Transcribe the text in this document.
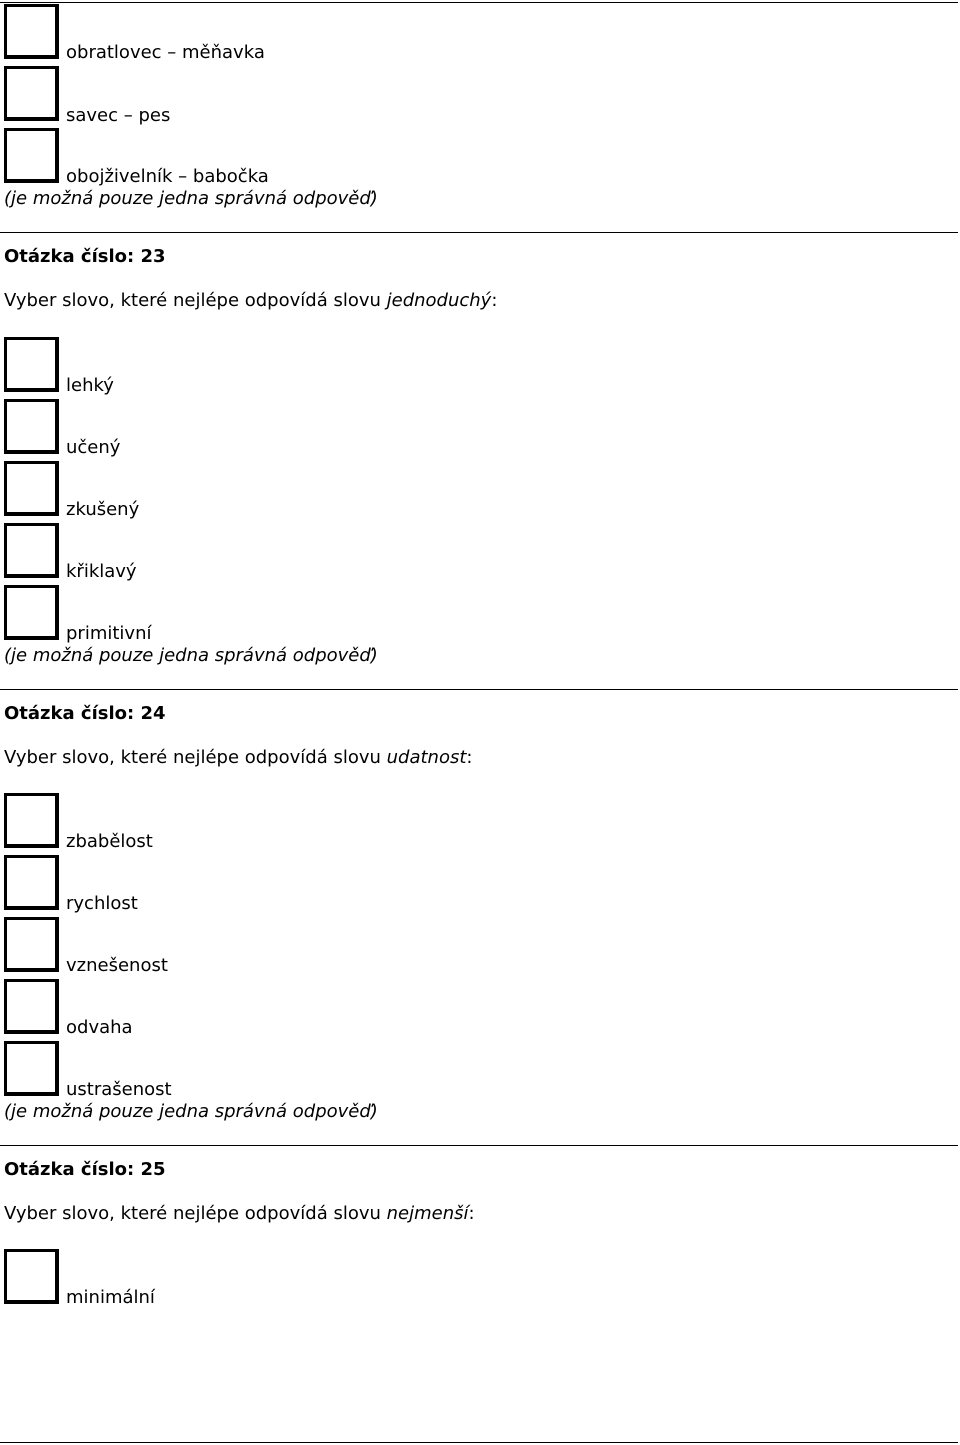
obratlovec – měňavka
savec – pes
obojživelník – babočka
(je možná pouze jedna správná odpověď)
Otázka číslo: 23
Vyber slovo, které nejlépe odpovídá slovu jednoduchý:
lehký
učený
zkušený
křiklavý
primitivní
(je možná pouze jedna správná odpověď)
Otázka číslo: 24
Vyber slovo, které nejlépe odpovídá slovu udatnost:
zbabělost
rychlost
vznešenost
odvaha
ustrašenost
(je možná pouze jedna správná odpověď)
Otázka číslo: 25
Vyber slovo, které nejlépe odpovídá slovu nejmenší:
minimální
